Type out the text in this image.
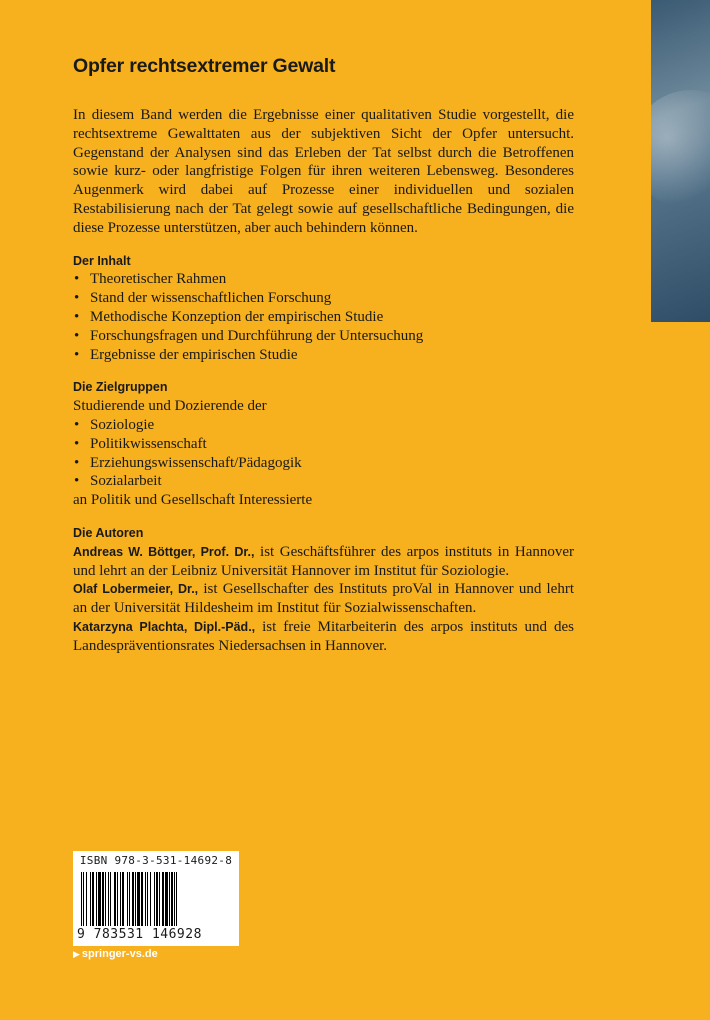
Opfer rechtsextremer Gewalt

In diesem Band werden die Ergebnisse einer qualitativen Studie vorgestellt, die rechtsextreme Gewalttaten aus der subjektiven Sicht der Opfer untersucht. Gegenstand der Analysen sind das Erleben der Tat selbst durch die Betroffenen sowie kurz- oder langfristige Folgen für ihren weiteren Lebensweg. Besonderes Augenmerk wird dabei auf Prozesse einer individuellen und sozialen Restabilisierung nach der Tat gelegt sowie auf gesellschaftliche Bedingungen, die diese Prozesse unterstützen, aber auch behindern können.

Der Inhalt
• Theoretischer Rahmen
• Stand der wissenschaftlichen Forschung
• Methodische Konzeption der empirischen Studie
• Forschungsfragen und Durchführung der Untersuchung
• Ergebnisse der empirischen Studie
Die Zielgruppen
Studierende und Dozierende der
• Soziologie
• Politikwissenschaft
• Erziehungswissenschaft/Pädagogik
• Sozialarbeit
an Politik und Gesellschaft Interessierte
Die Autoren
Andreas W. Böttger, Prof. Dr., ist Geschäftsführer des arpos instituts in Hannover und lehrt an der Leibniz Universität Hannover im Institut für Soziologie.
Olaf Lobermeier, Dr., ist Gesellschafter des Instituts proVal in Hannover und lehrt an der Universität Hildesheim im Institut für Sozialwissenschaften.
Katarzyna Plachta, Dipl.-Päd., ist freie Mitarbeiterin des arpos instituts und des Landespräventionsrates Niedersachsen in Hannover.
ISBN 978-3-531-14692-8
9 783531 146928
▶ springer-vs.de
